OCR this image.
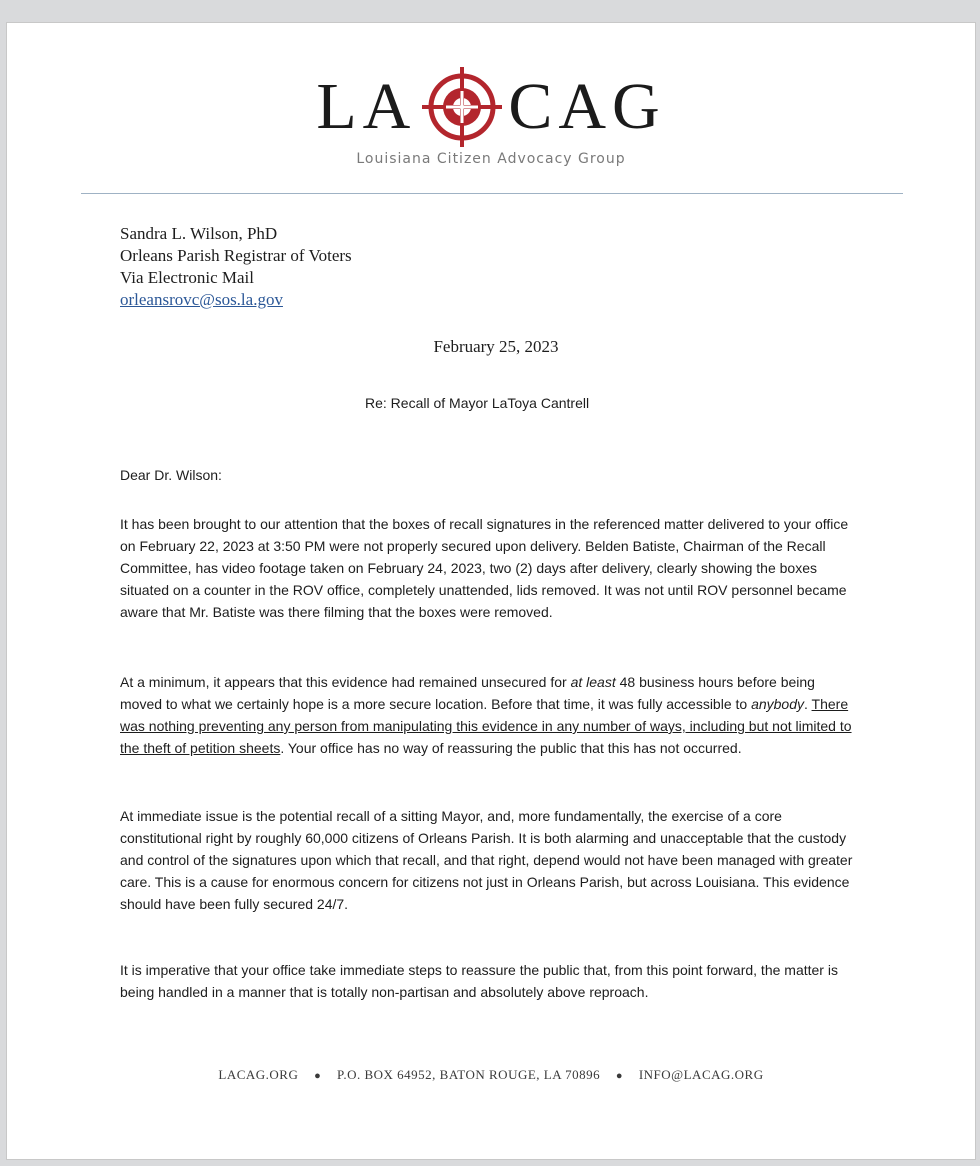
LA CAG
Louisiana Citizen Advocacy Group
Sandra L. Wilson, PhD
Orleans Parish Registrar of Voters
Via Electronic Mail
orleansrovc@sos.la.gov
February 25, 2023
Re: Recall of Mayor LaToya Cantrell
Dear Dr. Wilson:
It has been brought to our attention that the boxes of recall signatures in the referenced matter delivered to your office on February 22, 2023 at 3:50 PM were not properly secured upon delivery. Belden Batiste, Chairman of the Recall Committee, has video footage taken on February 24, 2023, two (2) days after delivery, clearly showing the boxes situated on a counter in the ROV office, completely unattended, lids removed. It was not until ROV personnel became aware that Mr. Batiste was there filming that the boxes were removed.
At a minimum, it appears that this evidence had remained unsecured for at least 48 business hours before being moved to what we certainly hope is a more secure location. Before that time, it was fully accessible to anybody. There was nothing preventing any person from manipulating this evidence in any number of ways, including but not limited to the theft of petition sheets. Your office has no way of reassuring the public that this has not occurred.
At immediate issue is the potential recall of a sitting Mayor, and, more fundamentally, the exercise of a core constitutional right by roughly 60,000 citizens of Orleans Parish. It is both alarming and unacceptable that the custody and control of the signatures upon which that recall, and that right, depend would not have been managed with greater care. This is a cause for enormous concern for citizens not just in Orleans Parish, but across Louisiana. This evidence should have been fully secured 24/7.
It is imperative that your office take immediate steps to reassure the public that, from this point forward, the matter is being handled in a manner that is totally non-partisan and absolutely above reproach.
LACAG.ORG ● P.O. BOX 64952, BATON ROUGE, LA 70896 ● INFO@LACAG.ORG
